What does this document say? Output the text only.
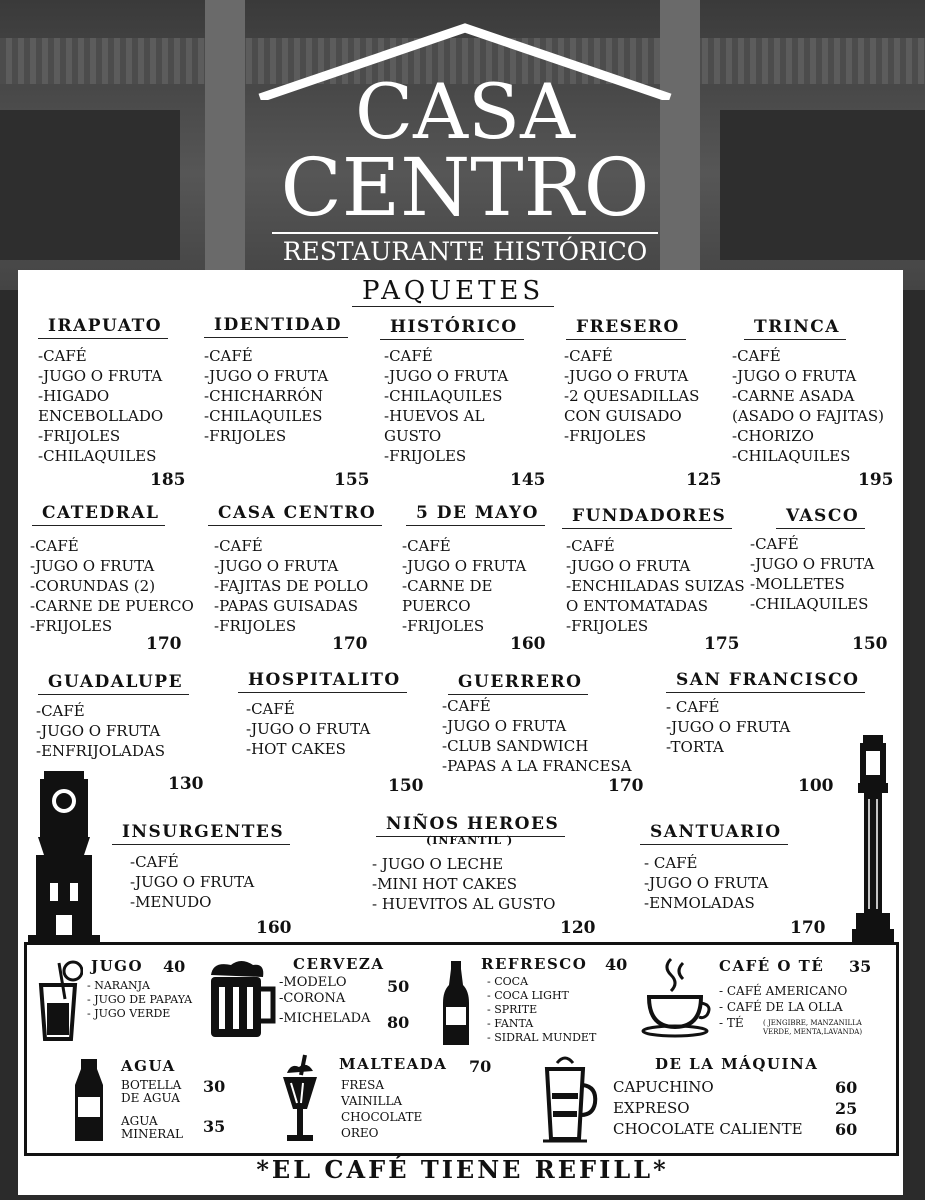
CASA
CENTRO
RESTAURANTE HISTÓRICO
PAQUETES
IRAPUATO
-CAFÉ
-JUGO O FRUTA
-HIGADO
ENCEBOLLADO
-FRIJOLES
-CHILAQUILES
185
IDENTIDAD
-CAFÉ
-JUGO O FRUTA
-CHICHARRÓN
-CHILAQUILES
-FRIJOLES
155
HISTÓRICO
-CAFÉ
-JUGO O FRUTA
-CHILAQUILES
-HUEVOS AL
GUSTO
-FRIJOLES
145
FRESERO
-CAFÉ
-JUGO O FRUTA
-2 QUESADILLAS
CON GUISADO
-FRIJOLES
125
TRINCA
-CAFÉ
-JUGO O FRUTA
-CARNE ASADA
(ASADO O FAJITAS)
-CHORIZO
-CHILAQUILES
195
CATEDRAL
-CAFÉ
-JUGO O FRUTA
-CORUNDAS (2)
-CARNE DE PUERCO
-FRIJOLES
170
CASA CENTRO
-CAFÉ
-JUGO O FRUTA
-FAJITAS DE POLLO
-PAPAS GUISADAS
-FRIJOLES
170
5 DE MAYO
-CAFÉ
-JUGO O FRUTA
-CARNE DE
PUERCO
-FRIJOLES
160
FUNDADORES
-CAFÉ
-JUGO O FRUTA
-ENCHILADAS SUIZAS
O ENTOMATADAS
-FRIJOLES
175
VASCO
-CAFÉ
-JUGO O FRUTA
-MOLLETES
-CHILAQUILES
150
GUADALUPE
-CAFÉ
-JUGO O FRUTA
-ENFRIJOLADAS
130
HOSPITALITO
-CAFÉ
-JUGO O FRUTA
-HOT CAKES
150
GUERRERO
-CAFÉ
-JUGO O FRUTA
-CLUB SANDWICH
-PAPAS A LA FRANCESA
170
SAN FRANCISCO
- CAFÉ
-JUGO O FRUTA
-TORTA
100
INSURGENTES
-CAFÉ
-JUGO O FRUTA
-MENUDO
160
NIÑOS HEROES
(INFANTIL )
- JUGO O LECHE
-MINI HOT CAKES
- HUEVITOS AL GUSTO
120
SANTUARIO
- CAFÉ
-JUGO O FRUTA
-ENMOLADAS
170
JUGO 40
- NARANJA
- JUGO DE PAPAYA
- JUGO VERDE
CERVEZA
-MODELO
-CORONA
-MICHELADA
50
80
REFRESCO 40
- COCA
- COCA LIGHT
- SPRITE
- FANTA
- SIDRAL MUNDET
CAFÉ O TÉ 35
- CAFÉ AMERICANO
- CAFÉ DE LA OLLA
- TÉ	( JENGIBRE, MANZANILLA
VERDE, MENTA,LAVANDA)
AGUA
BOTELLA
DE AGUA
30
AGUA
MINERAL 35
MALTEADA 70
FRESA
VAINILLA
CHOCOLATE
OREO
DE LA MÁQUINA
CAPUCHINO
EXPRESO
CHOCOLATE CALIENTE
60
25
60
*EL CAFÉ TIENE REFILL*
